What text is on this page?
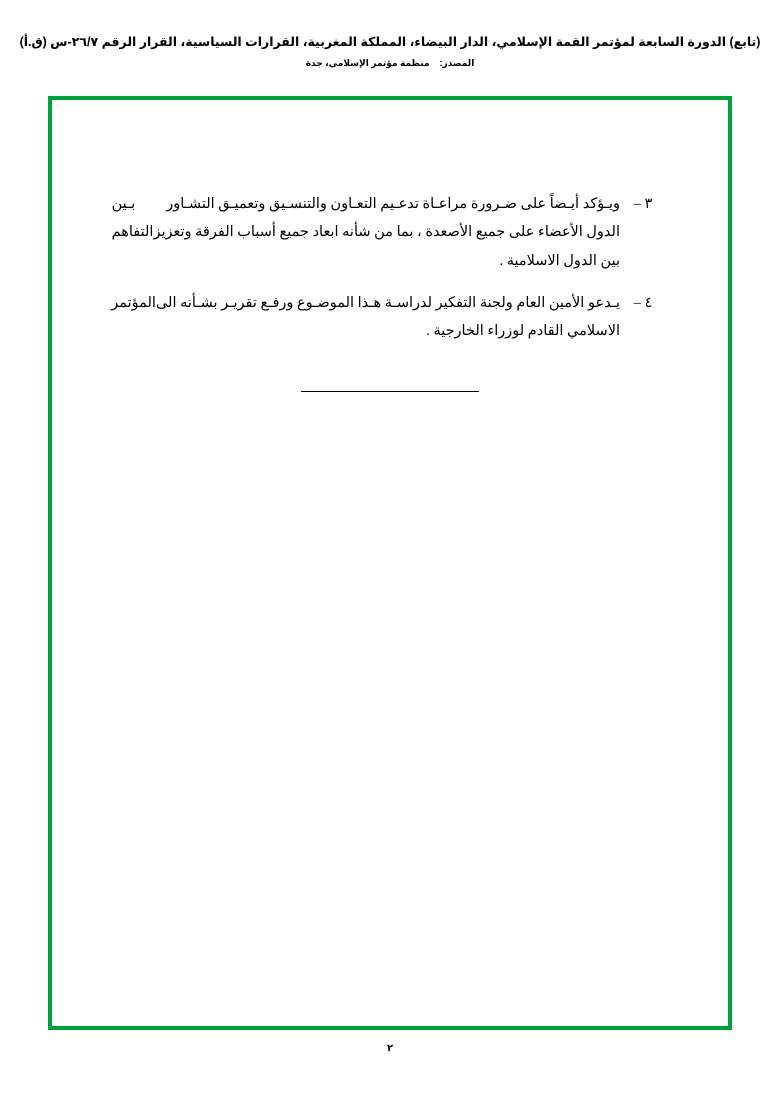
(تابع) الدورة السابعة لمؤتمر القمة الإسلامي، الدار البيضاء، المملكة المغربية، القرارات السياسية، القرار الرقم ٢٦/٧-س (ق.أ)
المصدر:منظمة مؤتمر الإسلامي، جدة
٣ –
ويـؤكد أيـضاً على ضـرورة مراعـاة تدعـيم التعـاون والتنسـيق وتعميـق التشـاور
بـين
الدول الأعضاء على جميع الأصعدة ، بما من شأنه ابعاد جميع أسباب الفرقة وتعزيز
التفاهم
بين الدول الاسلامية .
٤ –
يـدعو الأمين العام ولجنة التفكير لدراسـة هـذا الموضـوع ورفـع تقريـر بشـأنه الى
المؤتمر
الاسلامي القادم لوزراء الخارجية .
٢
